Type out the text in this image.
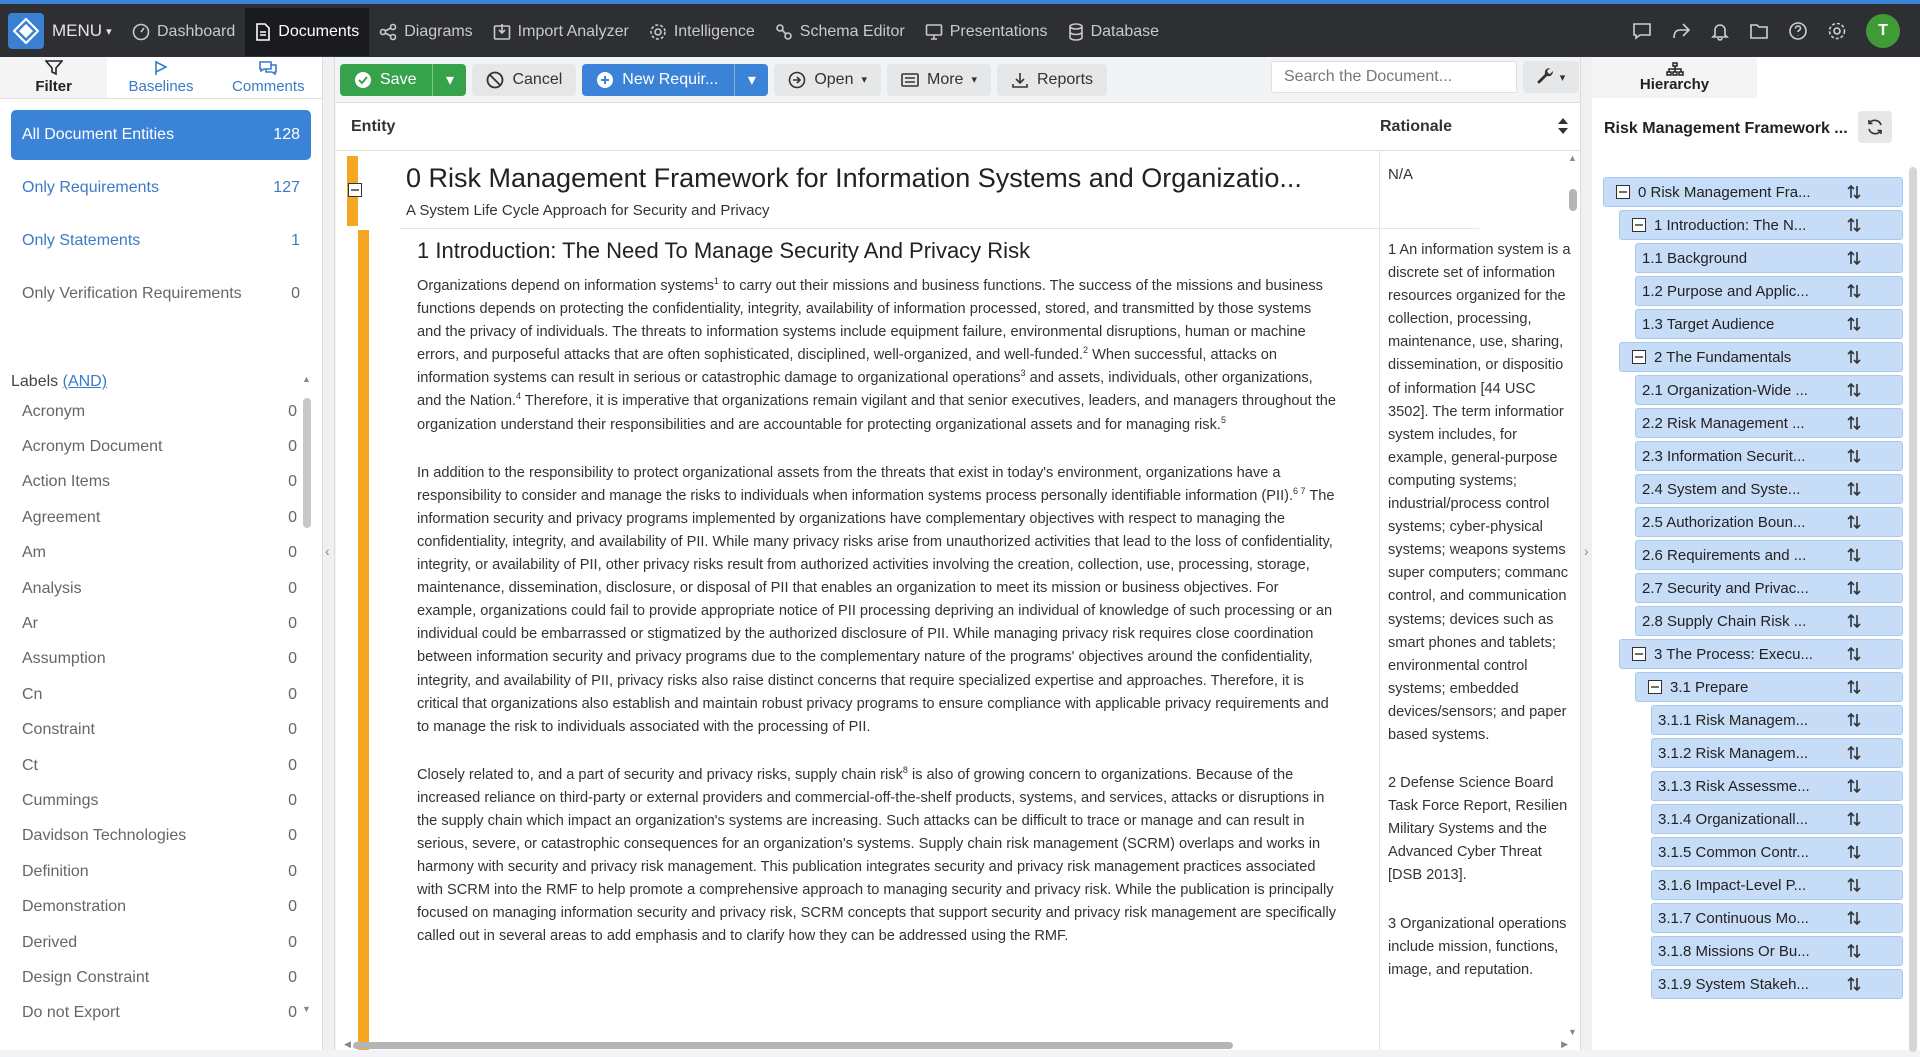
MENU ▾	Dashboard	Documents	Diagrams	Import Analyzer	Intelligence	Schema Editor	Presentations	Database	T
Filter	Baselines	Comments
All Document Entities	128
Only Requirements	127
Only Statements	1
Only Verification Requirements	0
Labels (AND)
Acronym	0
Acronym Document	0
Action Items	0
Agreement	0
Am	0
Analysis	0
Ar	0
Assumption	0
Cn	0
Constraint	0
Ct	0
Cummings	0
Davidson Technologies	0
Definition	0
Demonstration	0
Derived	0
Design Constraint	0
Do not Export	0
▲
▼
‹
Save	▾	Cancel	New Requir...	▾	Open ▾	More ▾	Reports	Search the Document...	▾
Entity	Rationale
0 Risk Management Framework for Information Systems and Organizatio...
A System Life Cycle Approach for Security and Privacy
N/A
1 Introduction: The Need To Manage Security And Privacy Risk

Organizations depend on information systems$^1$ to carry out their missions and business functions. The success of the missions and business functions depends on protecting the confidentiality, integrity, availability of information processed, stored, and transmitted by those systems and the privacy of individuals. The threats to information systems include equipment failure, environmental disruptions, human or machine errors, and purposeful attacks that are often sophisticated, disciplined, well-organized, and well-funded.$^2$ When successful, attacks on information systems can result in serious or catastrophic damage to organizational operations$^3$ and assets, individuals, other organizations, and the Nation.$^4$ Therefore, it is imperative that organizations remain vigilant and that senior executives, leaders, and managers throughout the organization understand their responsibilities and are accountable for protecting organizational assets and for managing risk.$^5$

In addition to the responsibility to protect organizational assets from the threats that exist in today's environment, organizations have a responsibility to consider and manage the risks to individuals when information systems process personally identifiable information (PII).$^{6 7}$ The information security and privacy programs implemented by organizations have complementary objectives with respect to managing the confidentiality, integrity, and availability of PII. While many privacy risks arise from unauthorized activities that lead to the loss of confidentiality, integrity, or availability of PII, other privacy risks result from authorized activities involving the creation, collection, use, processing, storage, maintenance, dissemination, disclosure, or disposal of PII that enables an organization to meet its mission or business objectives. For example, organizations could fail to provide appropriate notice of PII processing depriving an individual of knowledge of such processing or an individual could be embarrassed or stigmatized by the authorized disclosure of PII. While managing privacy risk requires close coordination between information security and privacy programs due to the complementary nature of the programs' objectives around the confidentiality, integrity, and availability of PII, privacy risks also raise distinct concerns that require specialized expertise and approaches. Therefore, it is critical that organizations also establish and maintain robust privacy programs to ensure compliance with applicable privacy requirements and to manage the risk to individuals associated with the processing of PII.

Closely related to, and a part of security and privacy risks, supply chain risk$^8$ is also of growing concern to organizations. Because of the increased reliance on third-party or external providers and commercial-off-the-shelf products, systems, and services, attacks or disruptions in the supply chain which impact an organization's systems are increasing. Such attacks can be difficult to trace or manage and can result in serious, severe, or catastrophic consequences for an organization's systems. Supply chain risk management (SCRM) overlaps and works in harmony with security and privacy risk management. This publication integrates security and privacy risk management practices associated with SCRM into the RMF to help promote a comprehensive approach to managing security and privacy risk. While the publication is principally focused on managing information security and privacy risk, SCRM concepts that support security and privacy risk management are specifically called out in several areas to add emphasis and to clarify how they can be addressed using the RMF.

1 An information system is a
discrete set of information
resources organized for the
collection, processing,
maintenance, use, sharing,
dissemination, or dispositio
of information [44 USC
3502]. The term informatior
system includes, for
example, general-purpose
computing systems;
industrial/process control
systems; cyber-physical
systems; weapons systems
super computers; commanc
control, and communication
systems; devices such as
smart phones and tablets;
environmental control
systems; embedded
devices/sensors; and paper
based systems.

2 Defense Science Board
Task Force Report, Resilien
Military Systems and the
Advanced Cyber Threat
[DSB 2013].

3 Organizational operations
include mission, functions,
image, and reputation.

▲
▼
◀	▶
›
Hierarchy
Risk Management Framework ...
0 Risk Management Fra...
1 Introduction: The N...
1.1 Background
1.2 Purpose and Applic...
1.3 Target Audience
2 The Fundamentals
2.1 Organization-Wide ...
2.2 Risk Management ...
2.3 Information Securit...
2.4 System and Syste...
2.5 Authorization Boun...
2.6 Requirements and ...
2.7 Security and Privac...
2.8 Supply Chain Risk ...
3 The Process: Execu...
3.1 Prepare
3.1.1 Risk Managem...
3.1.2 Risk Managem...
3.1.3 Risk Assessme...
3.1.4 Organizationall...
3.1.5 Common Contr...
3.1.6 Impact-Level P...
3.1.7 Continuous Mo...
3.1.8 Missions Or Bu...
3.1.9 System Stakeh...
